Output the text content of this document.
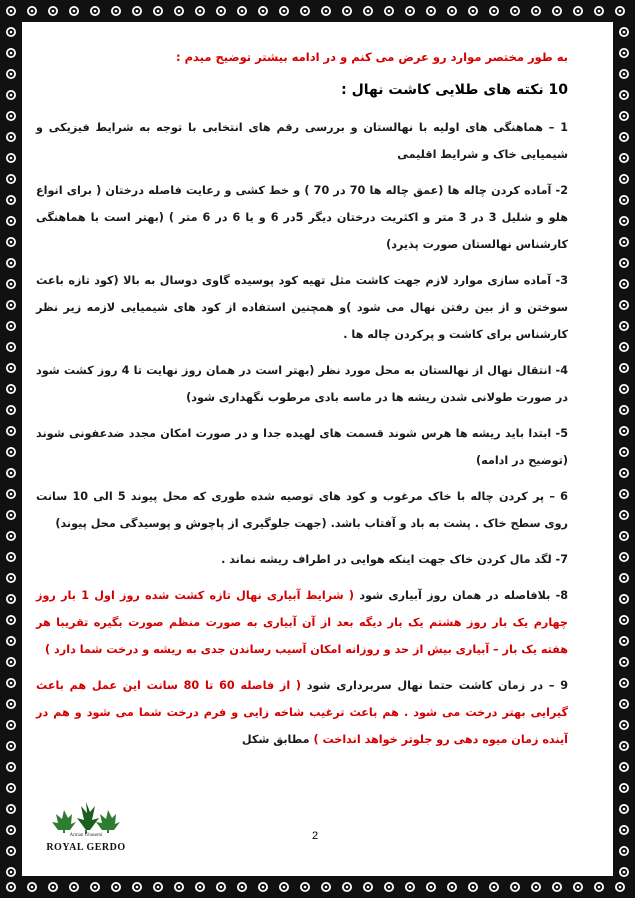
به طور مختصر موارد رو عرض می کنم و در ادامه بیشتر توضیح میدم :

10 نکته های طلایی کاشت نهال :

1 – هماهنگی های اولیه با نهالستان و بررسی رقم های انتخابی با توجه به شرایط فیزیکی و شیمیایی خاک و شرایط اقلیمی

2- آماده کردن چاله ها (عمق چاله ها 70 در 70 ) و خط کشی و رعایت فاصله درختان ( برای انواع هلو و شلیل 3 در 3 متر و اکثریت درختان دیگر 5در 6 و یا 6 در 6 متر ) (بهتر است با هماهنگی کارشناس نهالستان صورت پذیرد)

3- آماده سازی موارد لازم جهت کاشت مثل تهیه کود پوسیده گاوی دوسال به بالا (کود تازه باعث سوختن و از بین رفتن نهال می شود )و همچنین استفاده از کود های شیمیایی لازمه زیر نظر کارشناس برای کاشت و پرکردن چاله ها .

4- انتقال نهال از نهالستان به محل مورد نظر (بهتر است در همان روز نهایت تا 4 روز کشت شود در صورت طولانی شدن ریشه ها در ماسه بادی مرطوب نگهداری شود)

5- ابتدا باید ریشه ها هرس شوند قسمت های لهیده جدا و در صورت امکان مجدد ضدعفونی شوند (توضیح در ادامه)

6 – پر کردن چاله با خاک مرغوب و کود های توصیه شده طوری که محل پیوند 5 الی 10 سانت روی سطح خاک . پشت به باد و آفتاب باشد. (جهت جلوگیری از پاچوش و پوسیدگی محل پیوند)

7- لگد مال کردن خاک جهت اینکه هوایی در اطراف ریشه نماند .

8- بلافاصله در همان روز آبیاری شود ( شرایط آبیاری نهال تازه کشت شده روز اول 1 بار روز چهارم یک بار روز هشتم یک بار دیگه بعد از آن آبیاری به صورت منظم صورت بگیره تقریبا هر هفته یک بار – آبیاری بیش از حد و روزانه امکان آسیب رساندن جدی به ریشه و درخت شما دارد )

9 – در زمان کاشت حتما نهال سربرداری شود ( از فاصله 60 تا 80 سانت این عمل هم باعث گیرایی بهتر درخت می شود . هم باعث ترغیب شاخه زایی و فرم درخت شما می شود و هم در آینده زمان میوه دهی رو جلوتر خواهد انداخت ) مطابق شکل

2
Arman Ghasemi
ROYAL GERDO
